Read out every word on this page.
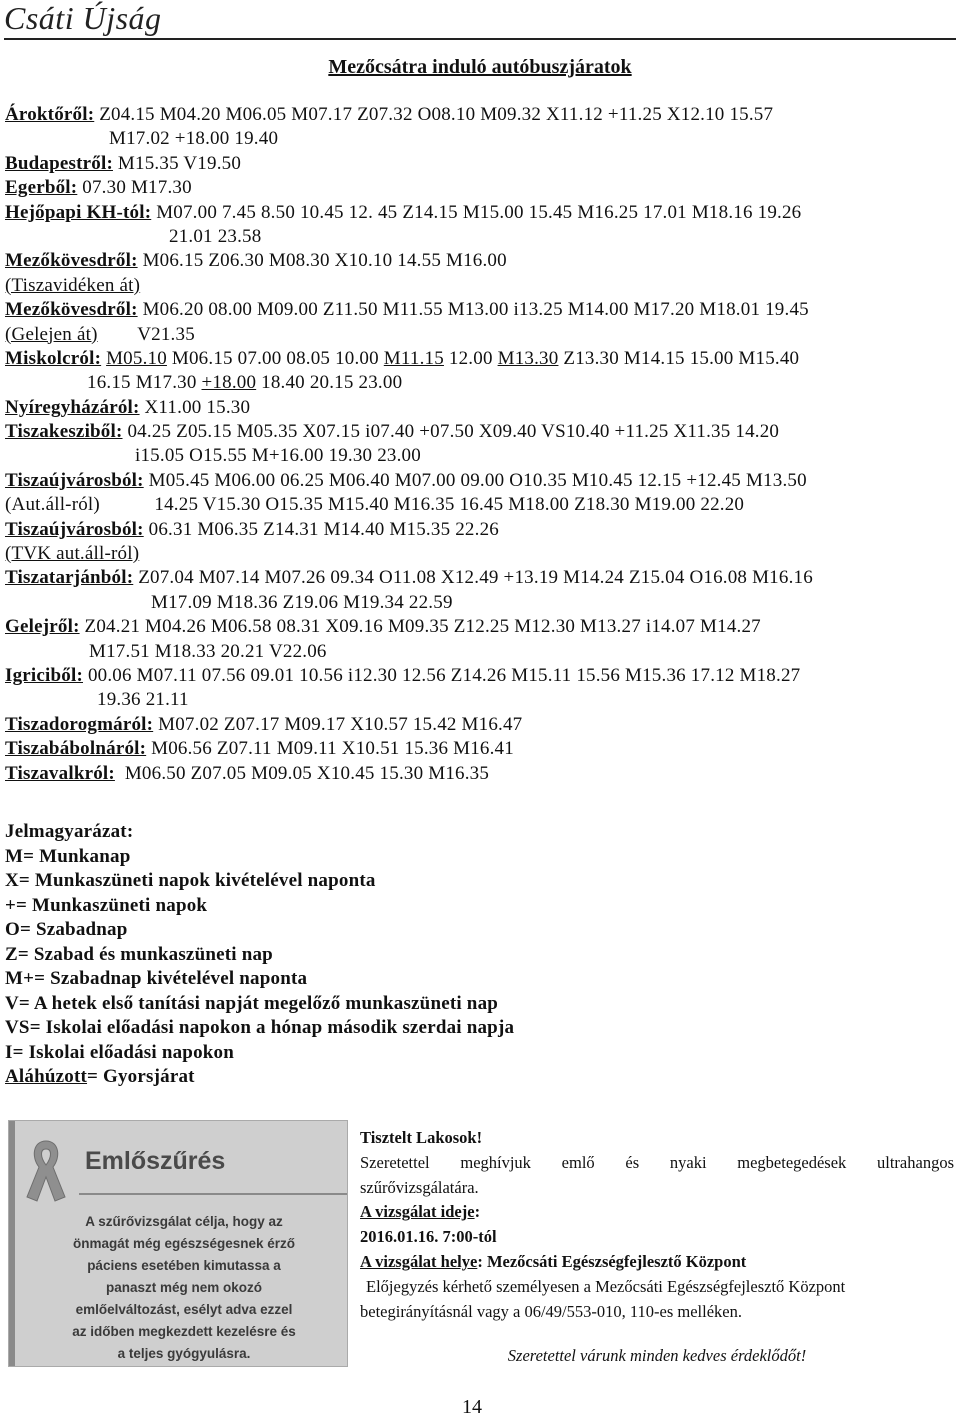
Csáti Újság
Mezőcsátra induló autóbuszjáratok
Ároktőről: Z04.15 M04.20 M06.05 M07.17 Z07.32 O08.10 M09.32 X11.12 +11.25 X12.10 15.57
M17.02 +18.00 19.40
Budapestről: M15.35 V19.50
Egerből: 07.30 M17.30
Hejőpapi KH-tól: M07.00 7.45 8.50 10.45 12. 45 Z14.15 M15.00 15.45 M16.25 17.01 M18.16 19.26
21.01 23.58
Mezőkövesdről: M06.15 Z06.30 M08.30 X10.10 14.55 M16.00
(Tiszavidéken át)
Mezőkövesdről: M06.20 08.00 M09.00 Z11.50 M11.55 M13.00 i13.25 M14.00 M17.20 M18.01 19.45
(Gelejen át) V21.35
Miskolcról: M05.10 M06.15 07.00 08.05 10.00 M11.15 12.00 M13.30 Z13.30 M14.15 15.00 M15.40
16.15 M17.30 +18.00 18.40 20.15 23.00
Nyíregyházáról: X11.00 15.30
Tiszakesziből: 04.25 Z05.15 M05.35 X07.15 i07.40 +07.50 X09.40 VS10.40 +11.25 X11.35 14.20
i15.05 O15.55 M+16.00 19.30 23.00
Tiszaújvárosból: M05.45 M06.00 06.25 M06.40 M07.00 09.00 O10.35 M10.45 12.15 +12.45 M13.50
(Aut.áll-ról)	14.25 V15.30 O15.35 M15.40 M16.35 16.45 M18.00 Z18.30 M19.00 22.20
Tiszaújvárosból: 06.31 M06.35 Z14.31 M14.40 M15.35 22.26
(TVK aut.áll-ról)
Tiszatarjánból: Z07.04 M07.14 M07.26 09.34 O11.08 X12.49 +13.19 M14.24 Z15.04 O16.08 M16.16
M17.09 M18.36 Z19.06 M19.34 22.59
Gelejről: Z04.21 M04.26 M06.58 08.31 X09.16 M09.35 Z12.25 M12.30 M13.27 i14.07 M14.27
M17.51 M18.33 20.21 V22.06
Igriciből: 00.06 M07.11 07.56 09.01 10.56 i12.30 12.56 Z14.26 M15.11 15.56 M15.36 17.12 M18.27
19.36 21.11
Tiszadorogmáról: M07.02 Z07.17 M09.17 X10.57 15.42 M16.47
Tiszabábolnáról: M06.56 Z07.11 M09.11 X10.51 15.36 M16.41
Tiszavalkról: M06.50 Z07.05 M09.05 X10.45 15.30 M16.35
Jelmagyarázat:
M= Munkanap
X= Munkaszüneti napok kivételével naponta
+= Munkaszüneti napok
O= Szabadnap
Z= Szabad és munkaszüneti nap
M+= Szabadnap kivételével naponta
V= A hetek első tanítási napját megelőző munkaszüneti nap
VS= Iskolai előadási napokon a hónap második szerdai napja
I= Iskolai előadási napokon
Aláhúzott= Gyorsjárat
Emlőszűrés
A szűrővizsgálat célja, hogy az
önmagát még egészségesnek érző
páciens esetében kimutassa a
panaszt még nem okozó
emlőelváltozást, esélyt adva ezzel
az időben megkezdett kezelésre és
a teljes gyógyulásra.
Tisztelt Lakosok!
Szeretettel meghívjuk emlő és nyaki megbetegedések ultrahangos
szűrővizsgálatára.
A vizsgálat ideje:
2016.01.16. 7:00-tól
A vizsgálat helye: Mezőcsáti Egészségfejlesztő Központ
Előjegyzés kérhető személyesen a Mezőcsáti Egészségfejlesztő Központ
betegirányításnál vagy a 06/49/553-010, 110-es melléken.
Szeretettel várunk minden kedves érdeklődőt!
14
